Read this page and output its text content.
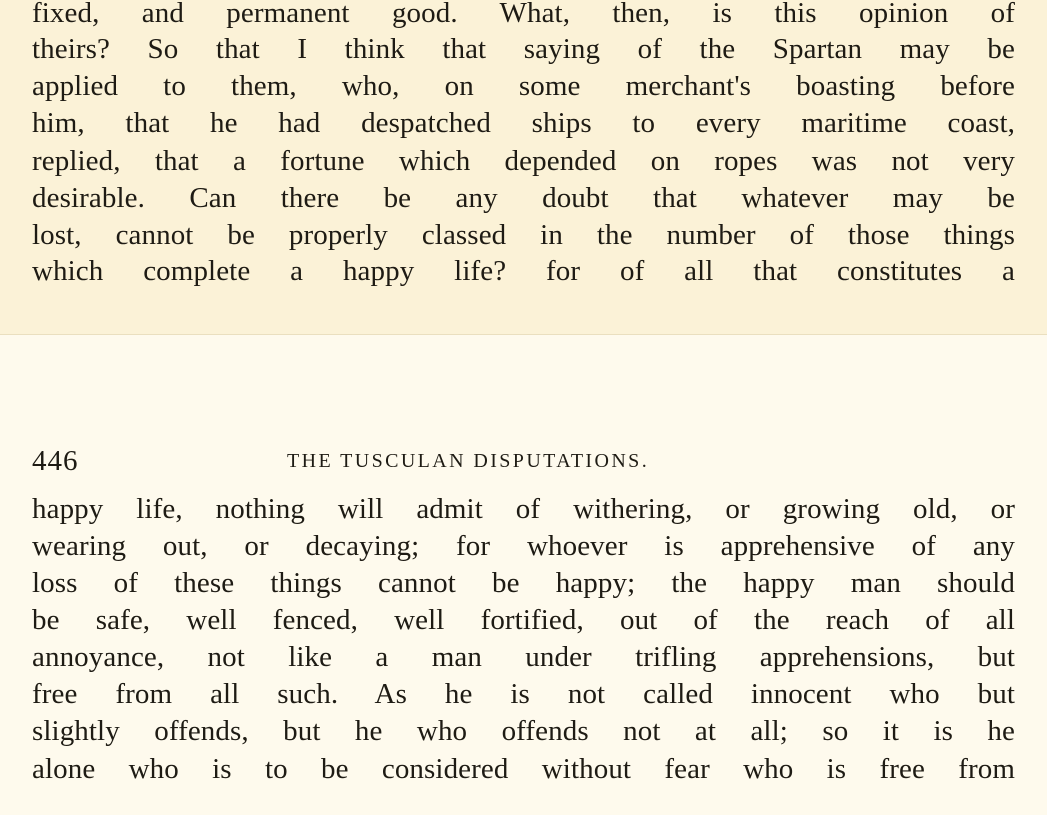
fixed, and permanent good. What, then, is this opinion of
theirs? So that I think that saying of the Spartan may be
applied to them, who, on some merchant's boasting before
him, that he had despatched ships to every maritime coast,
replied, that a fortune which depended on ropes was not very
desirable. Can there be any doubt that whatever may be
lost, cannot be properly classed in the number of those things
which complete a happy life? for of all that constitutes a
446	THE TUSCULAN DISPUTATIONS.
happy life, nothing will admit of withering, or growing old, or
wearing out, or decaying; for whoever is apprehensive of any
loss of these things cannot be happy; the happy man should
be safe, well fenced, well fortified, out of the reach of all
annoyance, not like a man under trifling apprehensions, but
free from all such. As he is not called innocent who but
slightly offends, but he who offends not at all; so it is he
alone who is to be considered without fear who is free from
